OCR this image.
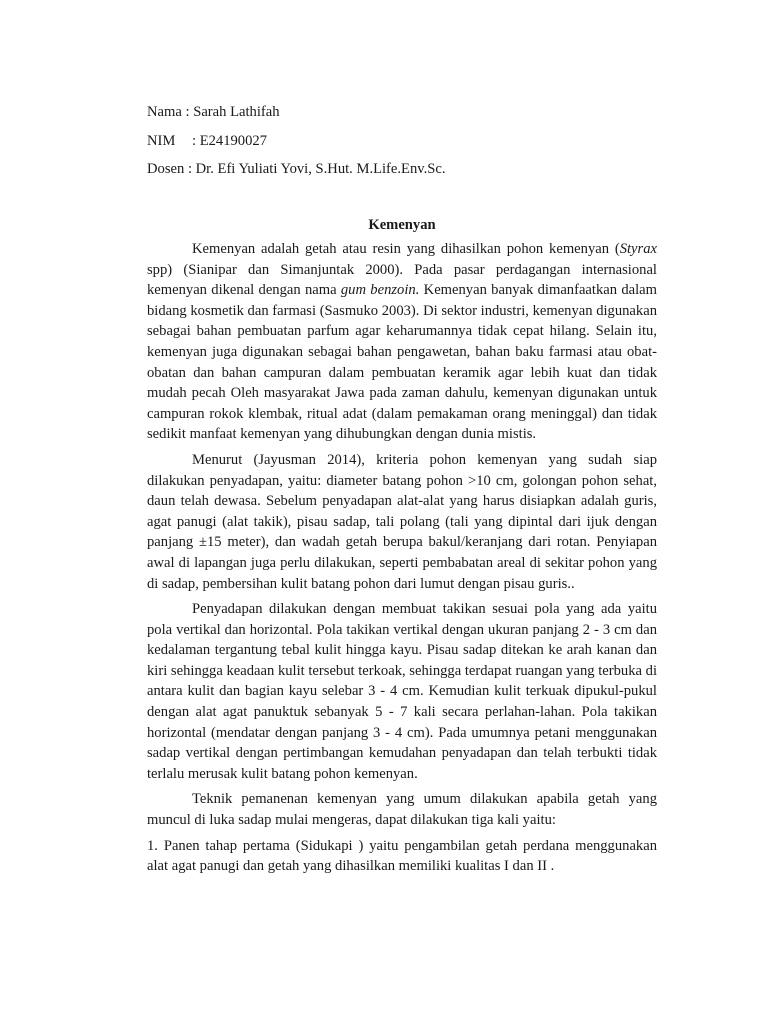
Nama : Sarah Lathifah
NIM : E24190027
Dosen : Dr. Efi Yuliati Yovi, S.Hut. M.Life.Env.Sc.
Kemenyan

Kemenyan adalah getah atau resin yang dihasilkan pohon kemenyan (Styrax spp) (Sianipar dan Simanjuntak 2000). Pada pasar perdagangan internasional kemenyan dikenal dengan nama gum benzoin. Kemenyan banyak dimanfaatkan dalam bidang kosmetik dan farmasi (Sasmuko 2003). Di sektor industri, kemenyan digunakan sebagai bahan pembuatan parfum agar keharumannya tidak cepat hilang. Selain itu, kemenyan juga digunakan sebagai bahan pengawetan, bahan baku farmasi atau obat-obatan dan bahan campuran dalam pembuatan keramik agar lebih kuat dan tidak mudah pecah Oleh masyarakat Jawa pada zaman dahulu, kemenyan digunakan untuk campuran rokok klembak, ritual adat (dalam pemakaman orang meninggal) dan tidak sedikit manfaat kemenyan yang dihubungkan dengan dunia mistis.

Menurut (Jayusman 2014), kriteria pohon kemenyan yang sudah siap dilakukan penyadapan, yaitu: diameter batang pohon >10 cm, golongan pohon sehat, daun telah dewasa. Sebelum penyadapan alat-alat yang harus disiapkan adalah guris, agat panugi (alat takik), pisau sadap, tali polang (tali yang dipintal dari ijuk dengan panjang ±15 meter), dan wadah getah berupa bakul/keranjang dari rotan. Penyiapan awal di lapangan juga perlu dilakukan, seperti pembabatan areal di sekitar pohon yang di sadap, pembersihan kulit batang pohon dari lumut dengan pisau guris..

Penyadapan dilakukan dengan membuat takikan sesuai pola yang ada yaitu pola vertikal dan horizontal. Pola takikan vertikal dengan ukuran panjang 2 - 3 cm dan kedalaman tergantung tebal kulit hingga kayu. Pisau sadap ditekan ke arah kanan dan kiri sehingga keadaan kulit tersebut terkoak, sehingga terdapat ruangan yang terbuka di antara kulit dan bagian kayu selebar 3 - 4 cm. Kemudian kulit terkuak dipukul-pukul dengan alat agat panuktuk sebanyak 5 - 7 kali secara perlahan-lahan. Pola takikan horizontal (mendatar dengan panjang 3 - 4 cm). Pada umumnya petani menggunakan sadap vertikal dengan pertimbangan kemudahan penyadapan dan telah terbukti tidak terlalu merusak kulit batang pohon kemenyan.

Teknik pemanenan kemenyan yang umum dilakukan apabila getah yang muncul di luka sadap mulai mengeras, dapat dilakukan tiga kali yaitu:

1. Panen tahap pertama (Sidukapi ) yaitu pengambilan getah perdana menggunakan alat agat panugi dan getah yang dihasilkan memiliki kualitas I dan II .
